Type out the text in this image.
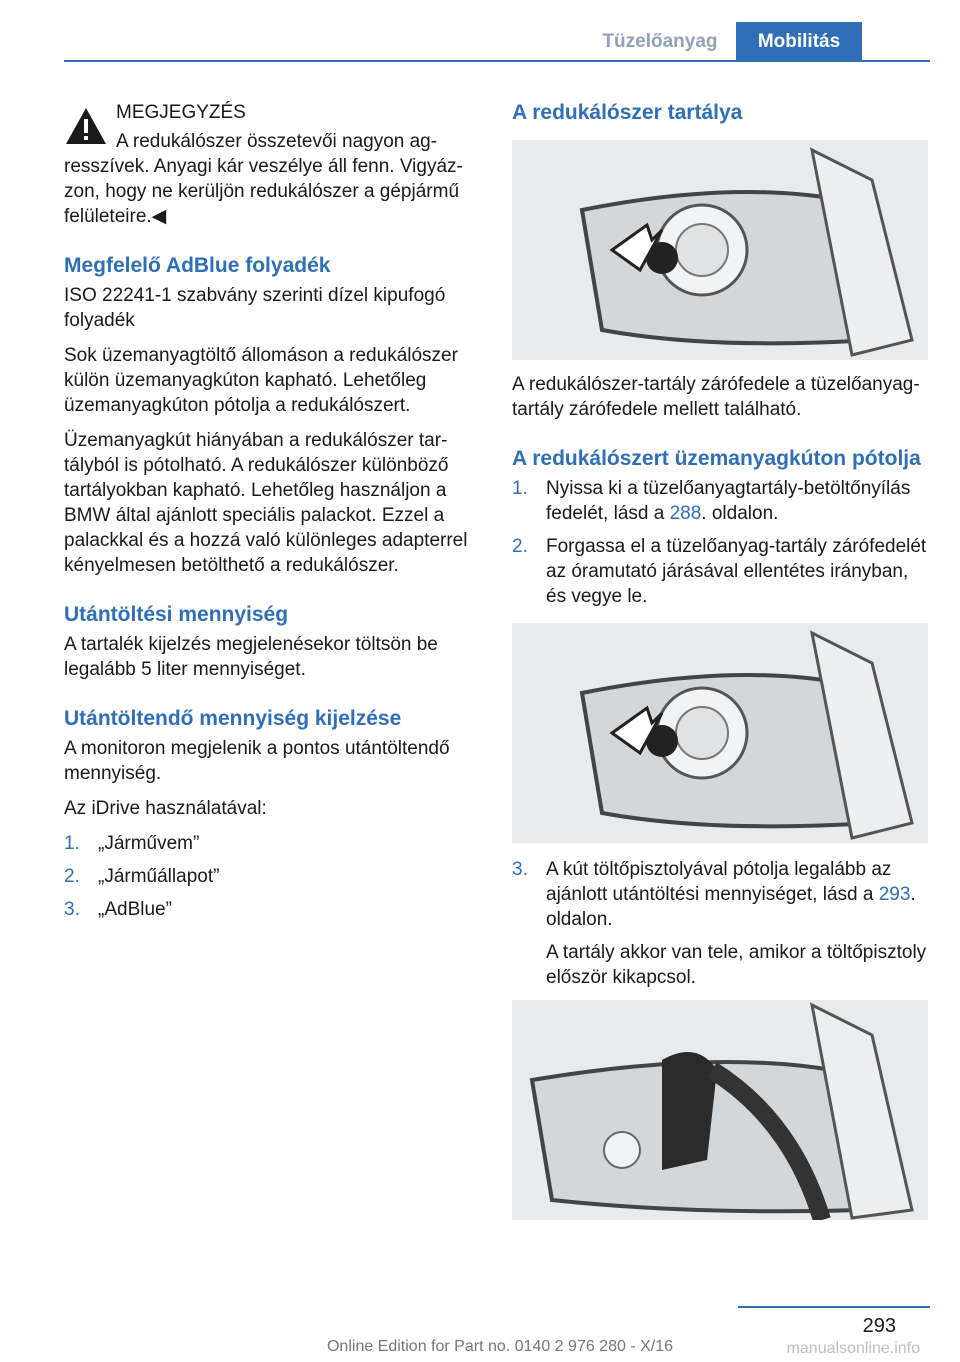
Tüzelőanyag	Mobilitás

MEGJEGYZÉS

A redukálószer összetevői nagyon agresszívek. Anyagi kár veszélye áll fenn. Vigyázzon, hogy ne kerüljön redukálószer a gépjármű felületeire.◀

Megfelelő AdBlue folyadék

ISO 22241-1 szabvány szerinti dízel kipufogó folyadék

Sok üzemanyagtöltő állomáson a redukálószer külön üzemanyagkúton kapható. Lehetőleg üzemanyagkúton pótolja a redukálószert.

Üzemanyagkút hiányában a redukálószer tartályból is pótolható. A redukálószer különböző tartályokban kapható. Lehetőleg használjon a BMW által ajánlott speciális palackot. Ezzel a palackkal és a hozzá való különleges adapterrel kényelmesen betölthető a redukálószer.

Utántöltési mennyiség

A tartalék kijelzés megjelenésekor töltsön be legalább 5 liter mennyiséget.

Utántöltendő mennyiség kijelzése

A monitoron megjelenik a pontos utántöltendő mennyiség.

Az iDrive használatával:

1. „Járművem”
2. „Járműállapot”
3. „AdBlue”
A redukálószer tartálya

A redukálószer-tartály zárófedele a tüzelőanyag-tartály zárófedele mellett található.

A redukálószert üzemanyagkúton pótolja
1. Nyissa ki a tüzelőanyagtartály-betöltőnyílás fedelét, lásd a 288. oldalon.
2. Forgassa el a tüzelőanyag-tartály zárófedelét az óramutató járásával ellentétes irányban, és vegye le.
3. A kút töltőpisztolyával pótolja legalább az ajánlott utántöltési mennyiséget, lásd a 293. oldalon.

A tartály akkor van tele, amikor a töltőpisztoly először kikapcsol.

293
Online Edition for Part no. 0140 2 976 280 - X/16	manualsonline.info
